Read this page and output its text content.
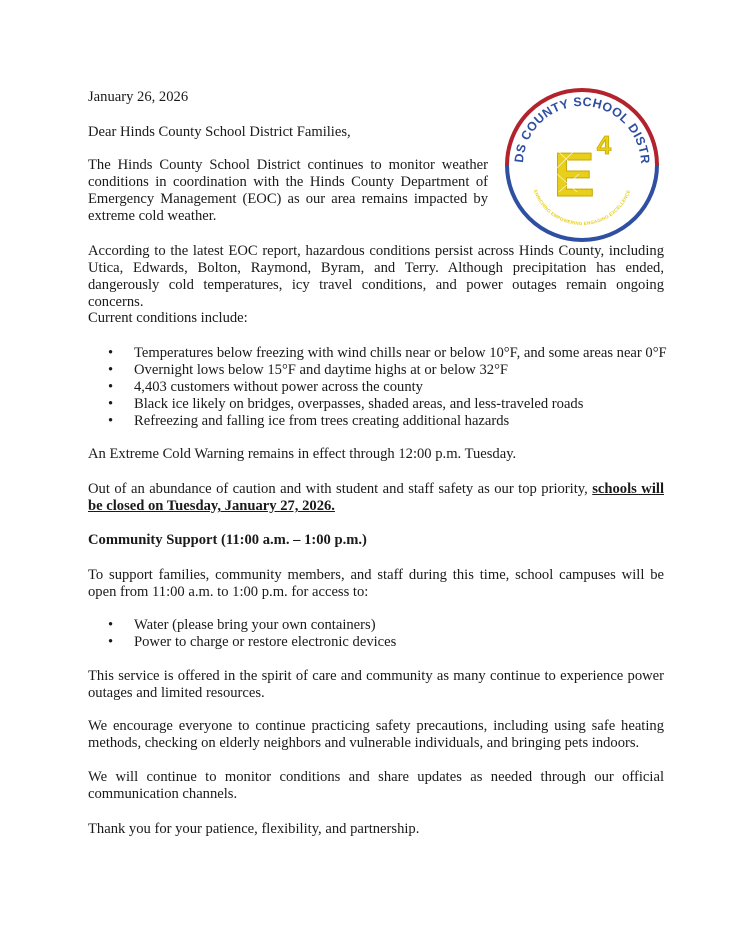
January 26, 2026

Dear Hinds County School District Families,

The Hinds County School District continues to monitor weather conditions in coordination with the Hinds County Department of Emergency Management (EOC) as our area remains impacted by extreme cold weather.

According to the latest EOC report, hazardous conditions persist across Hinds County, including Utica, Edwards, Bolton, Raymond, Byram, and Terry. Although precipitation has ended, dangerously cold temperatures, icy travel conditions, and power outages remain ongoing concerns.

Current conditions include:

• Temperatures below freezing with wind chills near or below 10°F, and some areas near 0°F
• Overnight lows below 15°F and daytime highs at or below 32°F
• 4,403 customers without power across the county
• Black ice likely on bridges, overpasses, shaded areas, and less-traveled roads
• Refreezing and falling ice from trees creating additional hazards

An Extreme Cold Warning remains in effect through 12:00 p.m. Tuesday.

Out of an abundance of caution and with student and staff safety as our top priority, schools will be closed on Tuesday, January 27, 2026.

Community Support (11:00 a.m. – 1:00 p.m.)

To support families, community members, and staff during this time, school campuses will be open from 11:00 a.m. to 1:00 p.m. for access to:

• Water (please bring your own containers)
• Power to charge or restore electronic devices

This service is offered in the spirit of care and community as many continue to experience power outages and limited resources.

We encourage everyone to continue practicing safety precautions, including using safe heating methods, checking on elderly neighbors and vulnerable individuals, and bringing pets indoors.

We will continue to monitor conditions and share updates as needed through our official communication channels.

Thank you for your patience, flexibility, and partnership.

DS COUNTY SCHOOL DISTR
ENRICHING EMPOWERING ENGAGING EXCELLENCE
E 4
